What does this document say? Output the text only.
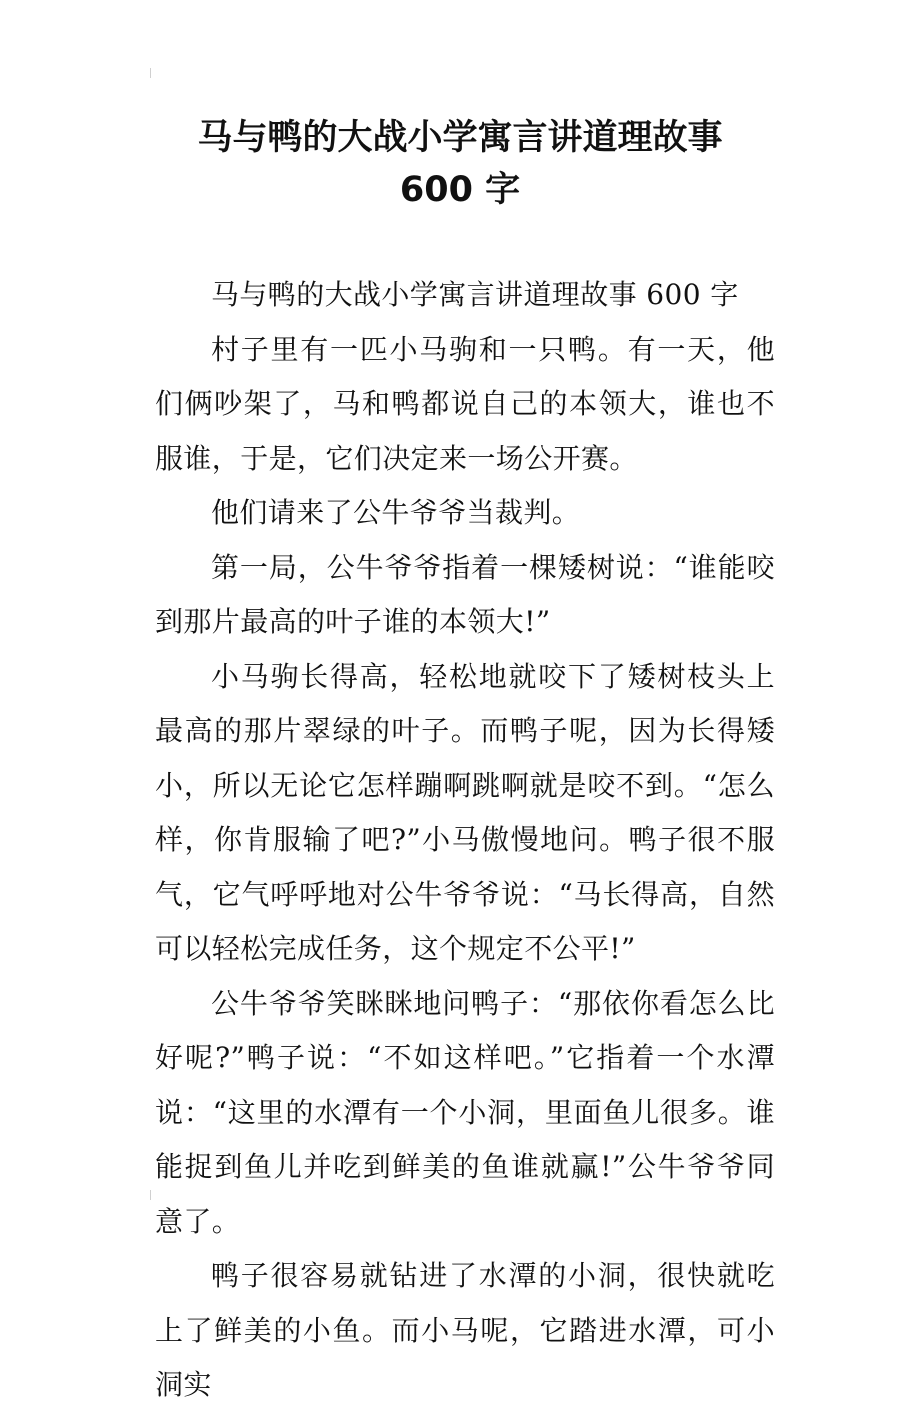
马与鸭的大战小学寓言讲道理故事
600 字

马与鸭的大战小学寓言讲道理故事 600 字

村子里有一匹小马驹和一只鸭。有一天，他们俩吵架了，马和鸭都说自己的本领大，谁也不服谁，于是，它们决定来一场公开赛。

他们请来了公牛爷爷当裁判。

第一局，公牛爷爷指着一棵矮树说：“谁能咬到那片最高的叶子谁的本领大!”

小马驹长得高，轻松地就咬下了矮树枝头上最高的那片翠绿的叶子。而鸭子呢，因为长得矮小，所以无论它怎样蹦啊跳啊就是咬不到。“怎么样，你肯服输了吧?”小马傲慢地问。鸭子很不服气，它气呼呼地对公牛爷爷说：“马长得高，自然可以轻松完成任务，这个规定不公平!”

公牛爷爷笑眯眯地问鸭子：“那依你看怎么比好呢?”鸭子说：“不如这样吧。”它指着一个水潭说：“这里的水潭有一个小洞，里面鱼儿很多。谁能捉到鱼儿并吃到鲜美的鱼谁就赢!”公牛爷爷同意了。

鸭子很容易就钻进了水潭的小洞，很快就吃上了鲜美的小鱼。而小马呢，它踏进水潭，可小洞实
